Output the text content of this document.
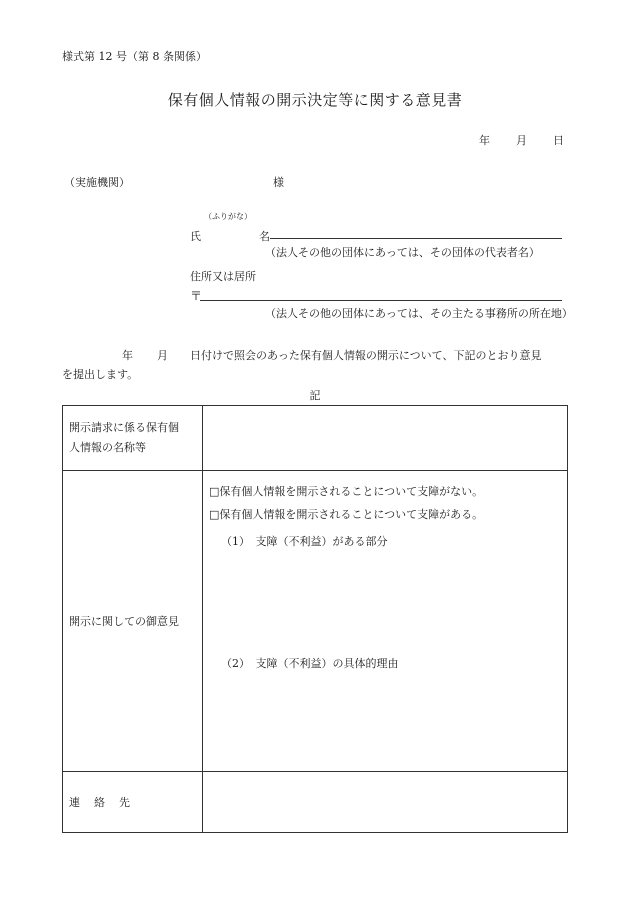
様式第 12 号（第 8 条関係）
保有個人情報の開示決定等に関する意見書
年 月 日
（実施機関）	様
（ふりがな）
氏	名
（法人その他の団体にあっては、その団体の代表者名）
住所又は居所
〒
（法人その他の団体にあっては、その主たる事務所の所在地）
年 月 日付けで照会のあった保有個人情報の開示について、下記のとおり意見
を提出します。
記
開示請求に係る保有個
人情報の名称等	

開示に関しての御意見	□保有個人情報を開示されることについて支障がない。
□保有個人情報を開示されることについて支障がある。
（1）　支障（不利益）がある部分
（2）　支障（不利益）の具体的理由

連 絡 先	
